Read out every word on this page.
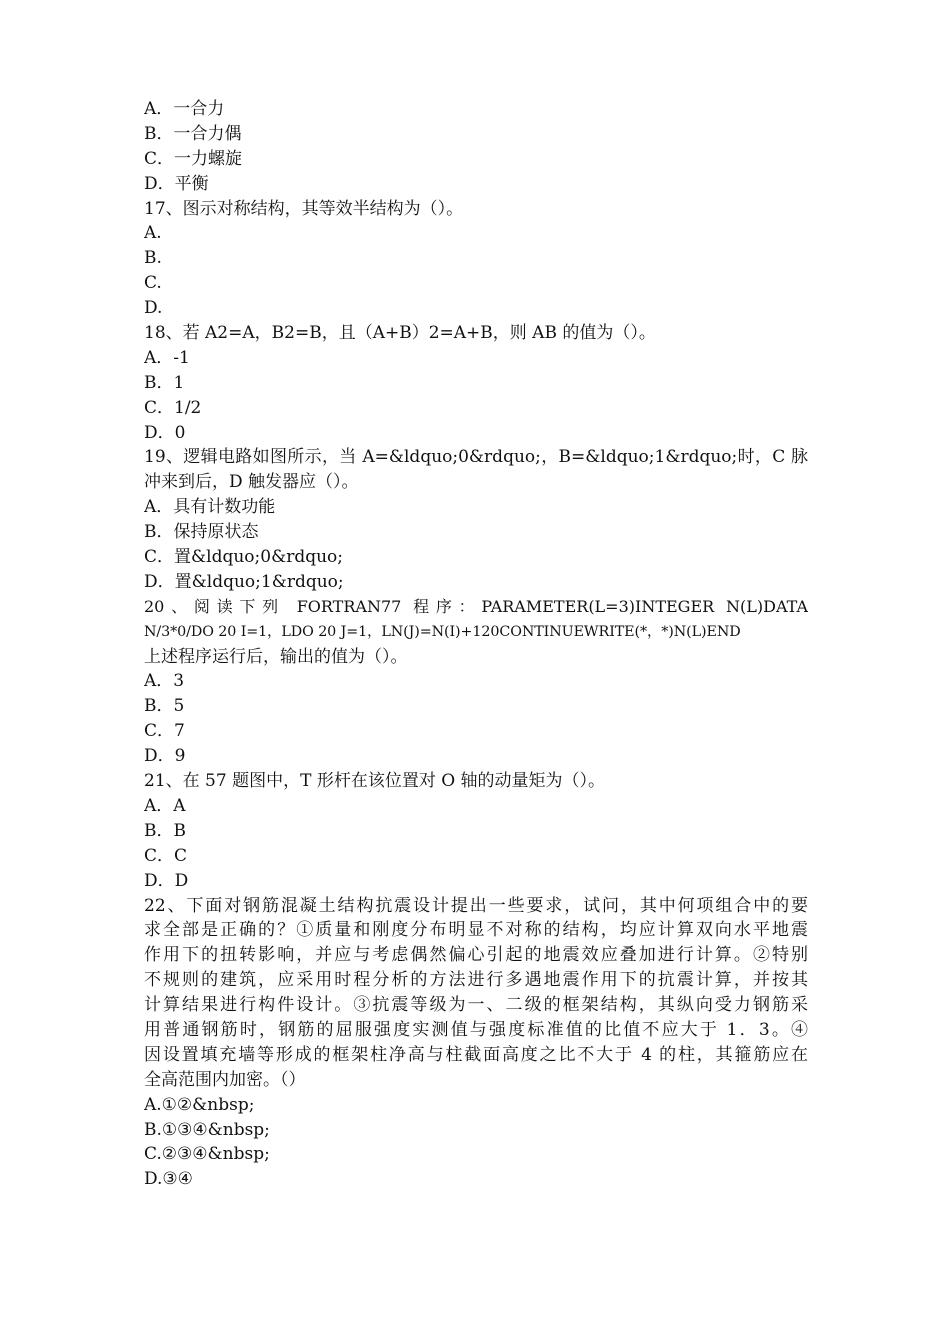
A．一合力
B．一合力偶
C．一力螺旋
D．平衡
17、图示对称结构，其等效半结构为（）。
A.
B.
C.
D.
18、若 A2=A，B2=B，且（A+B）2=A+B，则 AB 的值为（）。
A．-1
B．1
C．1/2
D．0
19、逻辑电路如图所示，当 A=&ldquo;0&rdquo;，B=&ldquo;1&rdquo;时，C 脉
冲来到后，D 触发器应（）。
A．具有计数功能
B．保持原状态
C．置&ldquo;0&rdquo;
D．置&ldquo;1&rdquo;
20、阅读下列 FORTRAN77 程序：PARAMETER(L=3)INTEGER N(L)DATA
N/3*0/DO 20 I=1，LDO 20 J=1，LN(J)=N(I)+120CONTINUEWRITE(*，*)N(L)END
上述程序运行后，输出的值为（）。
A．3
B．5
C．7
D．9
21、在 57 题图中，T 形杆在该位置对 O 轴的动量矩为（）。
A．A
B．B
C．C
D．D
22、下面对钢筋混凝土结构抗震设计提出一些要求，试问，其中何项组合中的要
求全部是正确的？①质量和刚度分布明显不对称的结构，均应计算双向水平地震
作用下的扭转影响，并应与考虑偶然偏心引起的地震效应叠加进行计算。②特别
不规则的建筑，应采用时程分析的方法进行多遇地震作用下的抗震计算，并按其
计算结果进行构件设计。③抗震等级为一、二级的框架结构，其纵向受力钢筋采
用普通钢筋时，钢筋的屈服强度实测值与强度标准值的比值不应大于 1．3。④
因设置填充墙等形成的框架柱净高与柱截面高度之比不大于 4 的柱，其箍筋应在
全高范围内加密。（）
A.①②&nbsp;
B.①③④&nbsp;
C.②③④&nbsp;
D.③④
